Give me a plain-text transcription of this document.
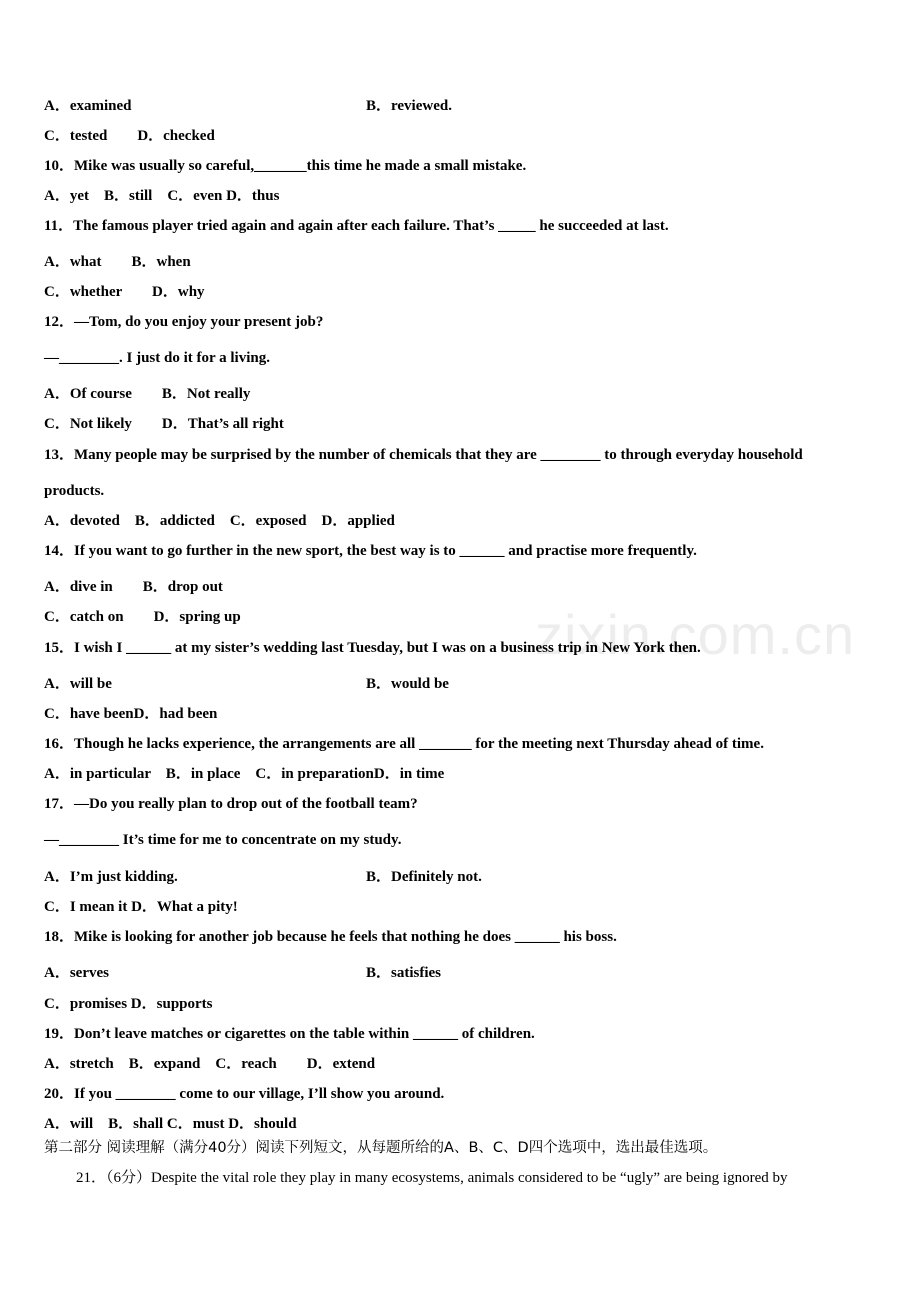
zixin.com.cn
A．examined	B．reviewed.
C．tested　　D．checked
10．Mike was usually so careful,_______this time he made a small mistake.
A．yet　B．still　C．even D．thus
11．The famous player tried again and again after each failure. That’s _____ he succeeded at last.
A．what　　B．when
C．whether　　D．why
12．—Tom, do you enjoy your present job?
—________. I just do it for a living.
A．Of course　　B．Not really
C．Not likely　　D．That’s all right
13．Many people may be surprised by the number of chemicals that they are ________ to through everyday household
products.
A．devoted　B．addicted　C．exposed　D．applied
14．If you want to go further in the new sport, the best way is to ______ and practise more frequently.
A．dive in　　B．drop out
C．catch on　　D．spring up
15．I wish I ______ at my sister’s wedding last Tuesday, but I was on a business trip in New York then.
A．will be	B．would be
C．have beenD．had been
16．Though he lacks experience, the arrangements are all _______ for the meeting next Thursday ahead of time.
A．in particular　B．in place　C．in preparationD．in time
17．—Do you really plan to drop out of the football team?
—________ It’s time for me to concentrate on my study.
A．I’m just kidding.	B．Definitely not.
C．I mean it D．What a pity!
18．Mike is looking for another job because he feels that nothing he does ______ his boss.
A．serves	B．satisfies
C．promises D．supports
19．Don’t leave matches or cigarettes on the table within ______ of children.
A．stretch　B．expand　C．reach　　D．extend
20．If you ________ come to our village, I’ll show you around.
A．will　B．shall C．must D．should
第二部分 阅读理解（满分40分）阅读下列短文，从每题所给的A、B、C、D四个选项中，选出最佳选项。
21．（6分）Despite the vital role they play in many ecosystems, animals considered to be “ugly” are being ignored by
